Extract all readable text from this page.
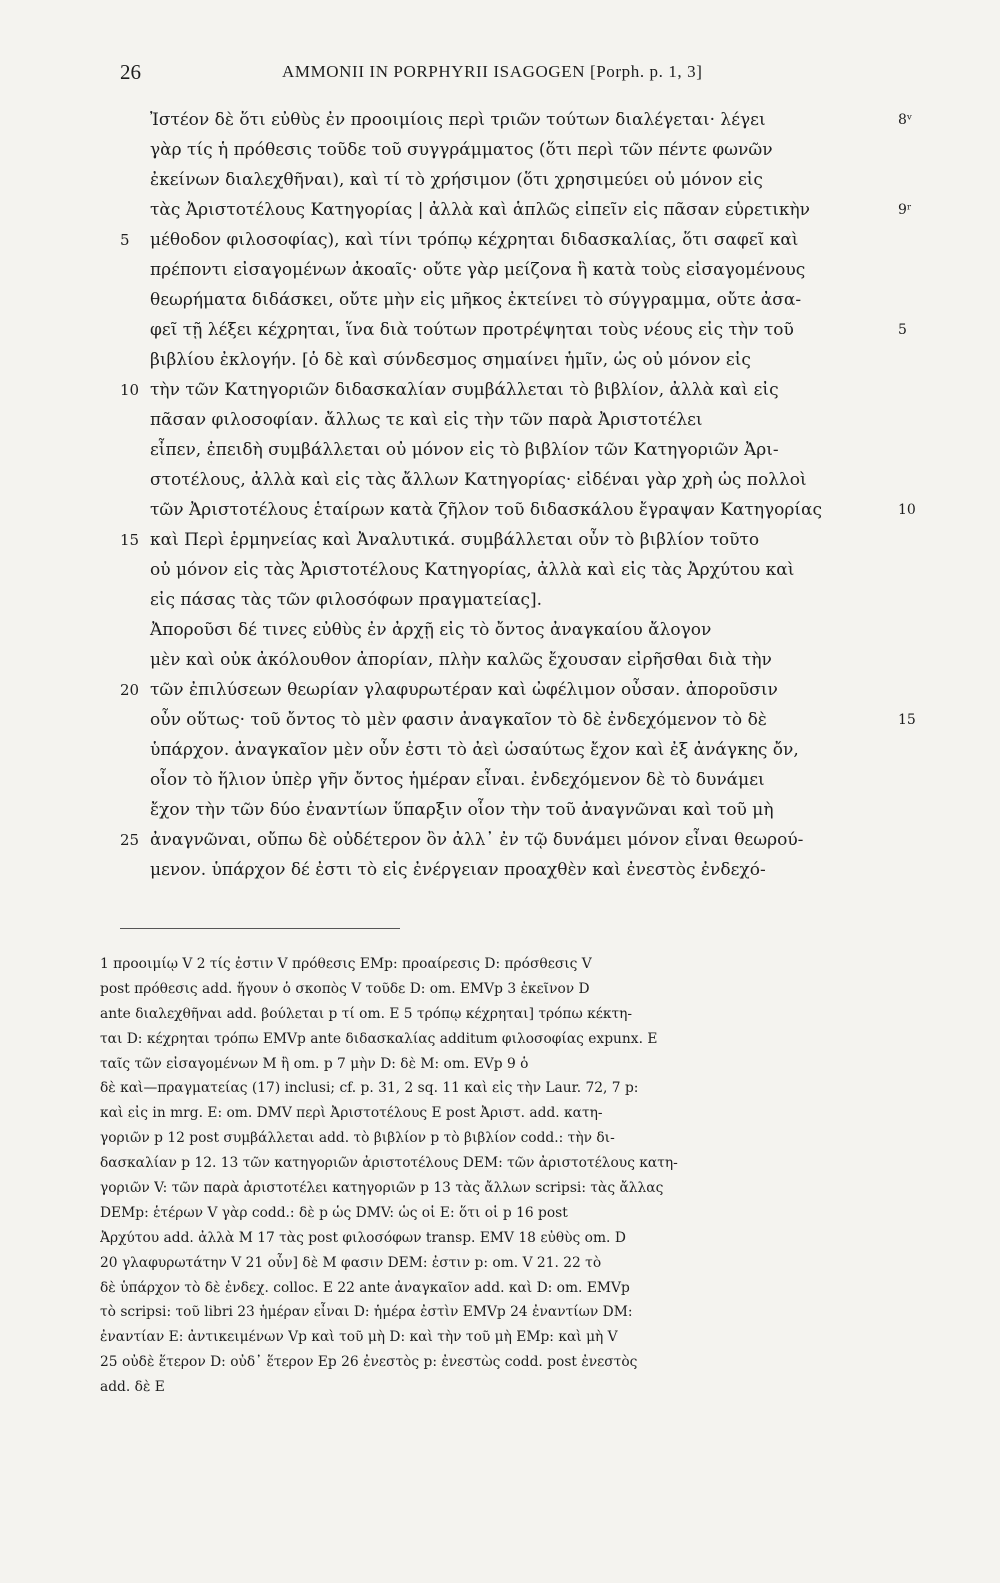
26	AMMONII IN PORPHYRII ISAGOGEN [Porph. p. 1, 3]
Ἰστέον δὲ ὅτι εὐθὺς ἐν προοιμίοις περὶ τριῶν τούτων διαλέγεται· λέγει	8ᵛ
γὰρ τίς ἡ πρόθεσις τοῦδε τοῦ συγγράμματος (ὅτι περὶ τῶν πέντε φωνῶν
ἐκείνων διαλεχθῆναι), καὶ τί τὸ χρήσιμον (ὅτι χρησιμεύει οὐ μόνον εἰς
τὰς Ἀριστοτέλους Κατηγορίας | ἀλλὰ καὶ ἁπλῶς εἰπεῖν εἰς πᾶσαν εὑρετικὴν	9ʳ
5	μέθοδον φιλοσοφίας), καὶ τίνι τρόπῳ κέχρηται διδασκαλίας, ὅτι σαφεῖ καὶ
πρέποντι εἰσαγομένων ἀκοαῖς· οὔτε γὰρ μείζονα ἢ κατὰ τοὺς εἰσαγομένους
θεωρήματα διδάσκει, οὔτε μὴν εἰς μῆκος ἐκτείνει τὸ σύγγραμμα, οὔτε ἀσα-
φεῖ τῇ λέξει κέχρηται, ἵνα διὰ τούτων προτρέψηται τοὺς νέους εἰς τὴν τοῦ	5
βιβλίου ἐκλογήν. [ὁ δὲ καὶ σύνδεσμος σημαίνει ἡμῖν, ὡς οὐ μόνον εἰς
10 τὴν τῶν Κατηγοριῶν διδασκαλίαν συμβάλλεται τὸ βιβλίον, ἀλλὰ καὶ εἰς
πᾶσαν φιλοσοφίαν. ἄλλως τε καὶ εἰς τὴν τῶν παρὰ Ἀριστοτέλει
εἶπεν, ἐπειδὴ συμβάλλεται οὐ μόνον εἰς τὸ βιβλίον τῶν Κατηγοριῶν Ἀρι-
στοτέλους, ἀλλὰ καὶ εἰς τὰς ἄλλων Κατηγορίας· εἰδέναι γὰρ χρὴ ὡς πολλοὶ
τῶν Ἀριστοτέλους ἑταίρων κατὰ ζῆλον τοῦ διδασκάλου ἔγραψαν Κατηγορίας	10
15 καὶ Περὶ ἑρμηνείας καὶ Ἀναλυτικά. συμβάλλεται οὖν τὸ βιβλίον τοῦτο
οὐ μόνον εἰς τὰς Ἀριστοτέλους Κατηγορίας, ἀλλὰ καὶ εἰς τὰς Ἀρχύτου καὶ
εἰς πάσας τὰς τῶν φιλοσόφων πραγματείας].
Ἀποροῦσι δέ τινες εὐθὺς ἐν ἀρχῇ εἰς τὸ ὄντος ἀναγκαίου ἄλογον
μὲν καὶ οὐκ ἀκόλουθον ἀπορίαν, πλὴν καλῶς ἔχουσαν εἰρῆσθαι διὰ τὴν
20 τῶν ἐπιλύσεων θεωρίαν γλαφυρωτέραν καὶ ὠφέλιμον οὖσαν. ἀποροῦσιν
οὖν οὕτως· τοῦ ὄντος τὸ μὲν φασιν ἀναγκαῖον τὸ δὲ ἐνδεχόμενον τὸ δὲ	15
ὑπάρχον. ἀναγκαῖον μὲν οὖν ἐστι τὸ ἀεὶ ὡσαύτως ἔχον καὶ ἐξ ἀνάγκης ὄν,
οἷον τὸ ἥλιον ὑπὲρ γῆν ὄντος ἡμέραν εἶναι. ἐνδεχόμενον δὲ τὸ δυνάμει
ἔχον τὴν τῶν δύο ἐναντίων ὕπαρξιν οἷον τὴν τοῦ ἀναγνῶναι καὶ τοῦ μὴ
25 ἀναγνῶναι, οὔπω δὲ οὐδέτερον ὂν ἀλλ᾽ ἐν τῷ δυνάμει μόνον εἶναι θεωρού-
μενον. ὑπάρχον δέ ἐστι τὸ εἰς ἐνέργειαν προαχθὲν καὶ ἐνεστὸς ἐνδεχό-
1 προοιμίῳ V 2 τίς ἐστιν V πρόθεσις EMp: προαίρεσις D: πρόσθεσις V
post πρόθεσις add. ἥγουν ὁ σκοπὸς V τοῦδε D: om. EMVp 3 ἐκεῖνον D
ante διαλεχθῆναι add. βούλεται p τί om. E 5 τρόπῳ κέχρηται] τρόπω κέκτη-
ται D: κέχρηται τρόπω EMVp ante διδασκαλίας additum φιλοσοφίας expunx. E
ταῖς τῶν εἰσαγομένων M ἢ om. p 7 μὴν D: δὲ M: om. EVp 9 ὁ
δὲ καὶ—πραγματείας (17) inclusi; cf. p. 31, 2 sq. 11 καὶ εἰς τὴν Laur. 72, 7 p:
καὶ εἰς in mrg. E: om. DMV περὶ Ἀριστοτέλους E post Ἀριστ. add. κατη-
γοριῶν p 12 post συμβάλλεται add. τὸ βιβλίον p τὸ βιβλίον codd.: τὴν δι-
δασκαλίαν p 12. 13 τῶν κατηγοριῶν ἀριστοτέλους DEM: τῶν ἀριστοτέλους κατη-
γοριῶν V: τῶν παρὰ ἀριστοτέλει κατηγοριῶν p 13 τὰς ἄλλων scripsi: τὰς ἄλλας
DEMp: ἑτέρων V γὰρ codd.: δὲ p ὡς DMV: ὡς οἱ E: ὅτι οἱ p 16 post
Ἀρχύτου add. ἀλλὰ M 17 τὰς post φιλοσόφων transp. EMV 18 εὐθὺς om. D
20 γλαφυρωτάτην V 21 οὖν] δὲ M φασιν DEM: ἐστιν p: om. V 21. 22 τὸ
δὲ ὑπάρχον τὸ δὲ ἐνδεχ. colloc. E 22 ante ἀναγκαῖον add. καὶ D: om. EMVp
τὸ scripsi: τοῦ libri 23 ἡμέραν εἶναι D: ἡμέρα ἐστὶν EMVp 24 ἐναντίων DM:
ἐναντίαν E: ἀντικειμένων Vp καὶ τοῦ μὴ D: καὶ τὴν τοῦ μὴ EMp: καὶ μὴ V
25 οὐδὲ ἕτερον D: οὐδ᾽ ἕτερον Ep 26 ἐνεστὸς p: ἐνεστὼς codd. post ἐνεστὸς
add. δὲ E
